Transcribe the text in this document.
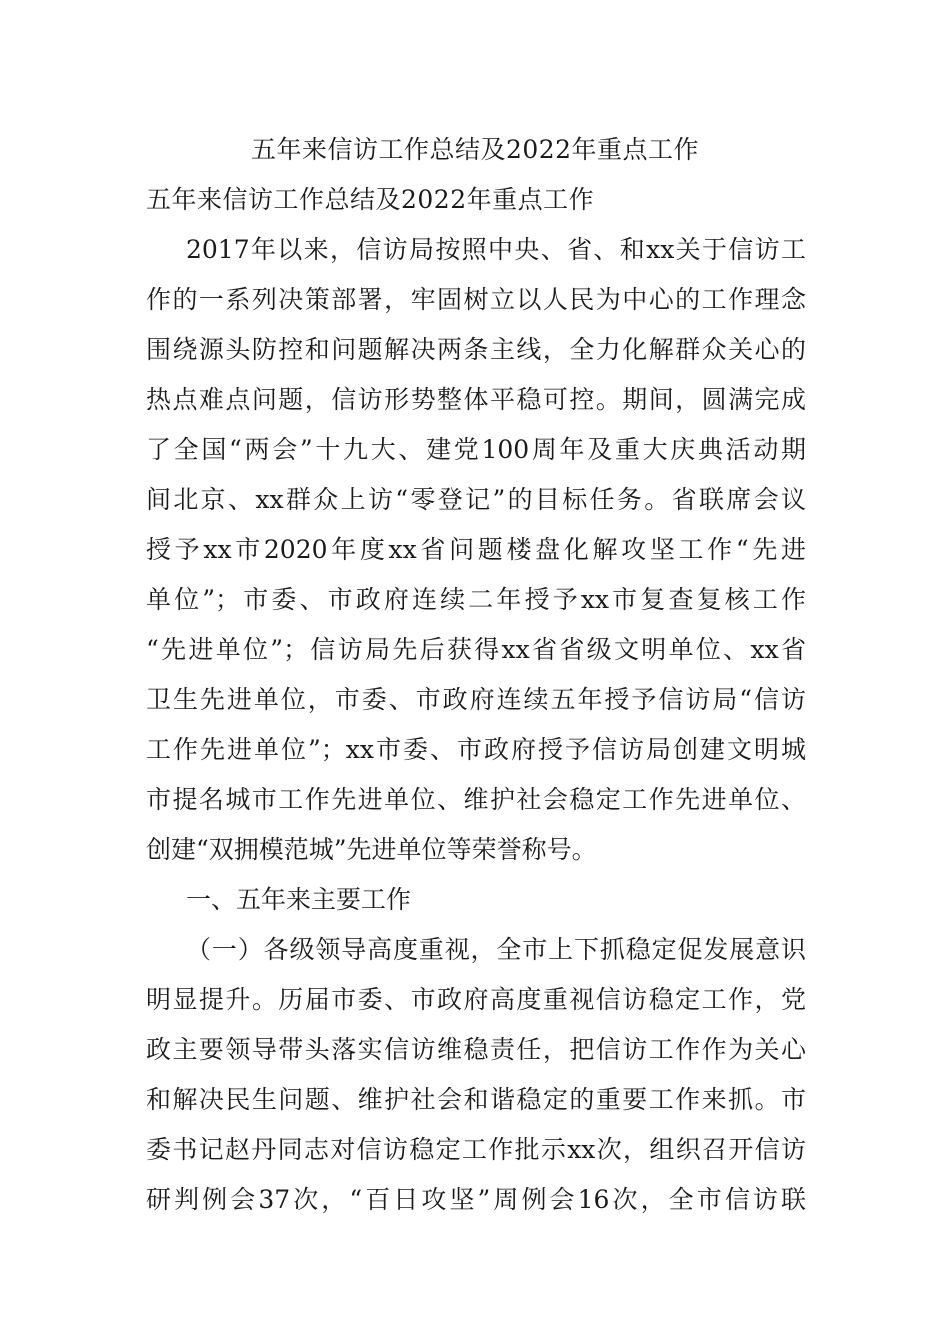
五年来信访工作总结及2022年重点工作

五年来信访工作总结及2022年重点工作

2017年以来，信访局按照中央、省、和xx关于信访工

作的一系列决策部署，牢固树立以人民为中心的工作理念

围绕源头防控和问题解决两条主线，全力化解群众关心的

热点难点问题，信访形势整体平稳可控。期间，圆满完成

了全国“两会”十九大、建党100周年及重大庆典活动期

间北京、xx群众上访“零登记”的目标任务。省联席会议

授予xx市2020年度xx省问题楼盘化解攻坚工作“先进

单位”；市委、市政府连续二年授予xx市复查复核工作

“先进单位”；信访局先后获得xx省省级文明单位、xx省

卫生先进单位，市委、市政府连续五年授予信访局“信访

工作先进单位”；xx市委、市政府授予信访局创建文明城

市提名城市工作先进单位、维护社会稳定工作先进单位、

创建“双拥模范城”先进单位等荣誉称号。

一、五年来主要工作

（一）各级领导高度重视，全市上下抓稳定促发展意识

明显提升。历届市委、市政府高度重视信访稳定工作，党

政主要领导带头落实信访维稳责任，把信访工作作为关心

和解决民生问题、维护社会和谐稳定的重要工作来抓。市

委书记赵丹同志对信访稳定工作批示xx次，组织召开信访

研判例会37次，“百日攻坚”周例会16次，全市信访联
